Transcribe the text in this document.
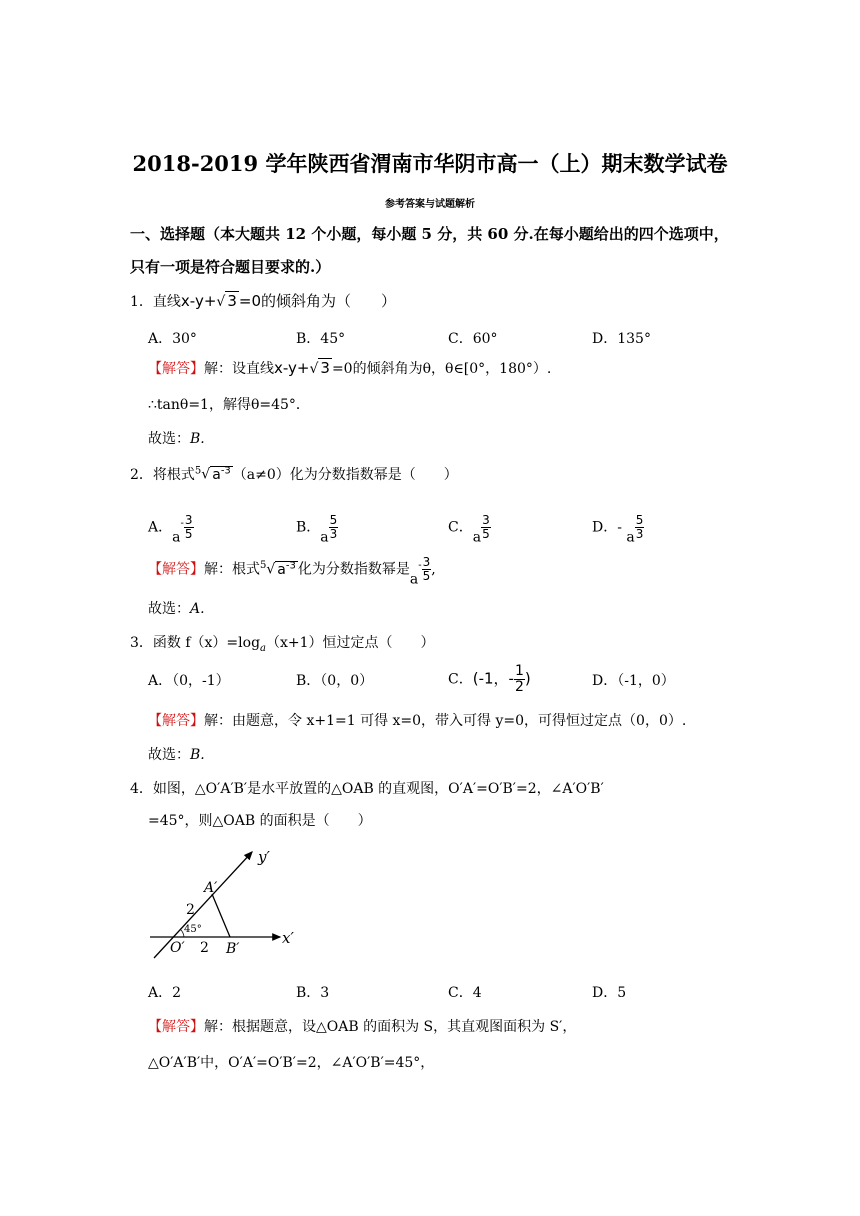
2018-2019 学年陕西省渭南市华阴市高一（上）期末数学试卷
参考答案与试题解析
一、选择题（本大题共 12 个小题，每小题 5 分，共 60 分.在每小题给出的四个选项中，只有一项是符合题目要求的.）
1．直线x-y+√ 3 =0的倾斜角为（　　）
A．30°	B．45°	C．60°	D．135°
【解答】解：设直线x-y+√ 3 =0的倾斜角为θ，θ∈[0°，180°）.
∴tanθ=1，解得θ=45°．
故选：B.
2．将根式$^5$√ $a^{-3}$ （a≠0）化为分数指数幂是（　　）
A．$a^- \frac{3}{5}$	B．a $\frac{5}{3}$	C．a $\frac{3}{5}$	D．- a $\frac{5}{3}$
【解答】解：根式$^5$√ $a^{-3}$ 化为分数指数幂是$a^- \frac{3}{5}$ ,
故选：A.
3．函数 $f(x)=\log_a(x+1)$恒过定点（　　）
A．（0，-1）	B．（0，0）	C．(-1，- $\frac{1}{2}$ )	D．（-1，0）
【解答】解：由题意，令 x+1=1 可得 x=0，带入可得 y=0，可得恒过定点（0，0）.
故选：B.
4．如图，△O′A′B′是水平放置的△OAB 的直观图，O′A′=O′B′=2，∠A′O′B′
=45°，则△OAB 的面积是（　　）
y′
x′
A′
B′
O′
2
2
45°
A．2	B．3	C．4	D．5
【解答】解：根据题意，设△OAB 的面积为 S，其直观图面积为 S′，
△O′A′B′中，O′A′=O′B′=2，∠A′O′B′=45°，
